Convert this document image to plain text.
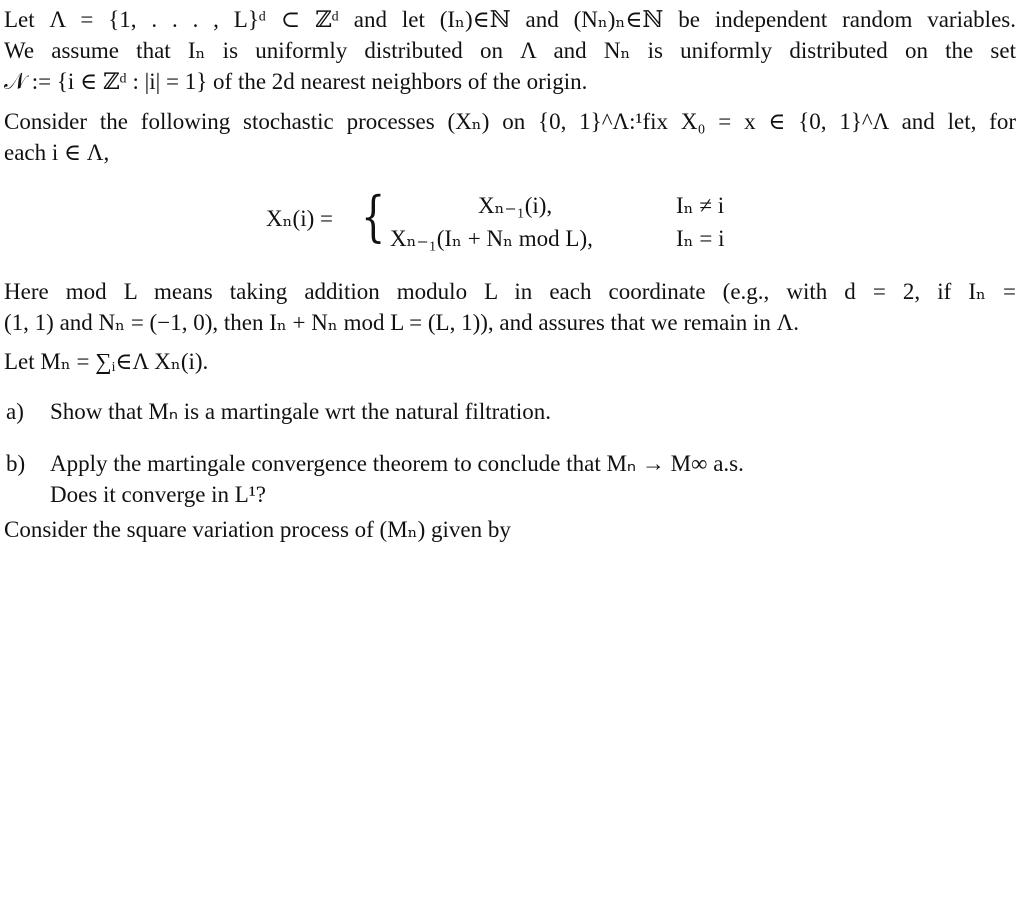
Let Λ = {1, . . . , L}ᵈ ⊂ ℤᵈ and let (Iₙ)∈ℕ and (Nₙ)ₙ∈ℕ be independent random variables.
We assume that Iₙ is uniformly distributed on Λ and Nₙ is uniformly distributed on the set
𝒩 := {i ∈ ℤᵈ : |i| = 1} of the 2d nearest neighbors of the origin.
Consider the following stochastic processes (Xₙ) on {0, 1}^Λ:¹fix X₀ = x ∈ {0, 1}^Λ and let, for
each i ∈ Λ,
Xₙ(i) = {	Xₙ₋₁(i),	Iₙ ≠ i
Xₙ₋₁(Iₙ + Nₙ mod L),	Iₙ = i
Here mod L means taking addition modulo L in each coordinate (e.g., with d = 2, if Iₙ =
(1, 1) and Nₙ = (−1, 0), then Iₙ + Nₙ mod L = (L, 1)), and assures that we remain in Λ.
Let Mₙ = ∑ᵢ∈Λ Xₙ(i).
a) Show that Mₙ is a martingale wrt the natural filtration.
b) Apply the martingale convergence theorem to conclude that Mₙ → M∞ a.s.
Does it converge in L¹?
Consider the square variation process of (Mₙ) given by
